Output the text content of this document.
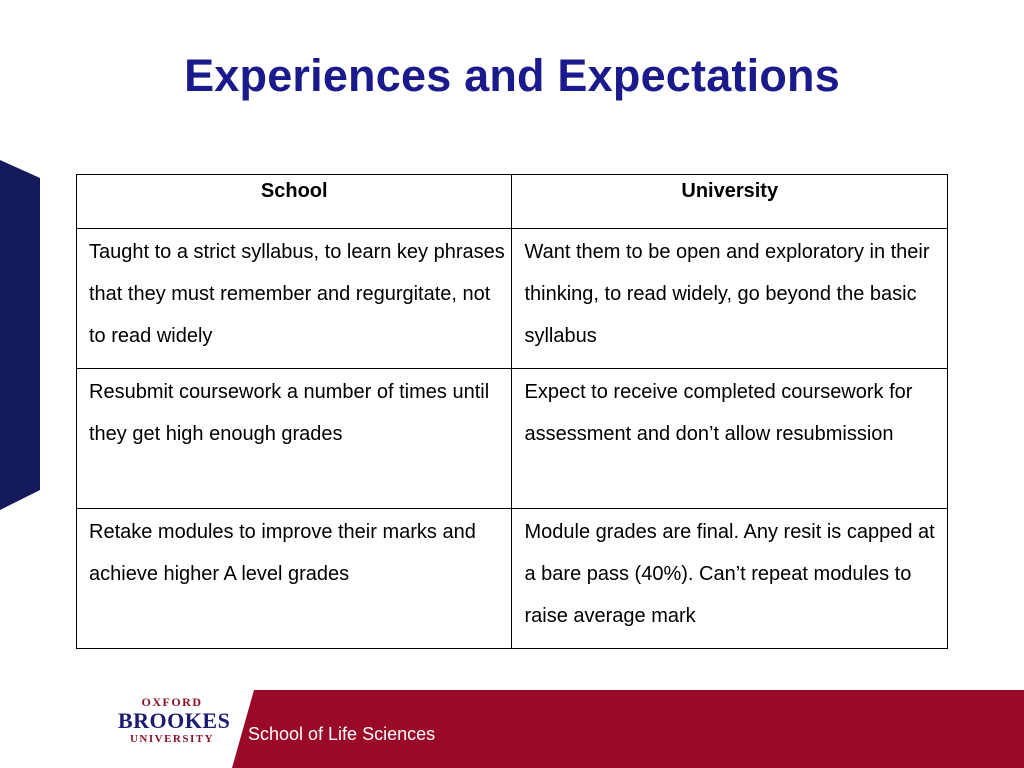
Experiences and Expectations
School	University
Taught to a strict syllabus, to learn key phrases that they must remember and regurgitate, not to read widely	Want them to be open and exploratory in their thinking, to read widely, go beyond the basic syllabus
Resubmit coursework a number of times until they get high enough grades	Expect to receive completed coursework for assessment and don’t allow resubmission
Retake modules to improve their marks and achieve higher A level grades	Module grades are final. Any resit is capped at a bare pass (40%). Can’t repeat modules to raise average mark
OXFORD
BROOKES
UNIVERSITY	School of Life Sciences
